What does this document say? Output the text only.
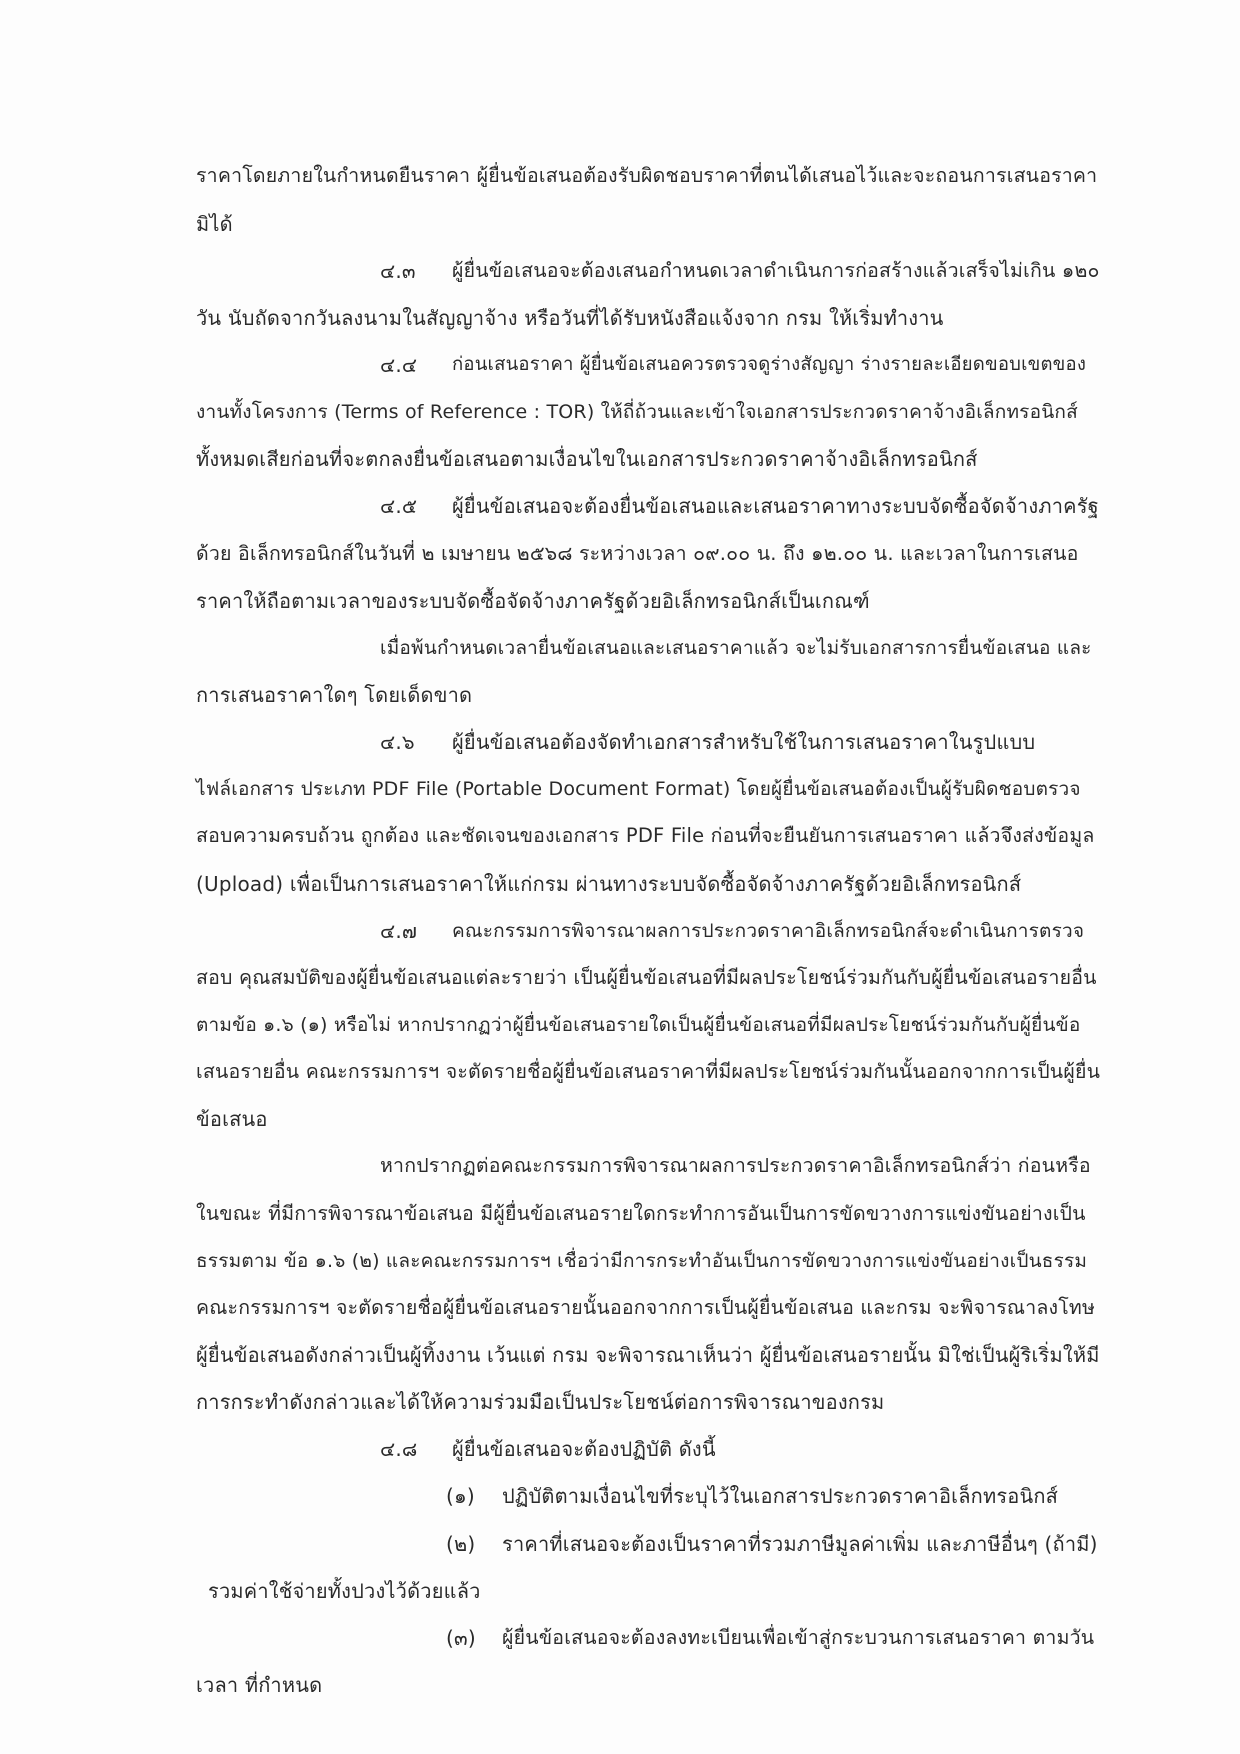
ราคาโดยภายในกำหนดยืนราคา ผู้ยื่นข้อเสนอต้องรับผิดชอบราคาที่ตนได้เสนอไว้และจะถอนการเสนอราคา
มิได้
๔.๓ ผู้ยื่นข้อเสนอจะต้องเสนอกำหนดเวลาดำเนินการก่อสร้างแล้วเสร็จไม่เกิน ๑๒๐
วัน นับถัดจากวันลงนามในสัญญาจ้าง หรือวันที่ได้รับหนังสือแจ้งจาก กรม ให้เริ่มทำงาน
๔.๔ ก่อนเสนอราคา ผู้ยื่นข้อเสนอควรตรวจดูร่างสัญญา ร่างรายละเอียดขอบเขตของ
งานทั้งโครงการ (Terms of Reference : TOR) ให้ถี่ถ้วนและเข้าใจเอกสารประกวดราคาจ้างอิเล็กทรอนิกส์
ทั้งหมดเสียก่อนที่จะตกลงยื่นข้อเสนอตามเงื่อนไขในเอกสารประกวดราคาจ้างอิเล็กทรอนิกส์
๔.๕ ผู้ยื่นข้อเสนอจะต้องยื่นข้อเสนอและเสนอราคาทางระบบจัดซื้อจัดจ้างภาครัฐ
ด้วย อิเล็กทรอนิกส์ในวันที่ ๒ เมษายน ๒๕๖๘ ระหว่างเวลา ๐๙.๐๐ น. ถึง ๑๒.๐๐ น. และเวลาในการเสนอ
ราคาให้ถือตามเวลาของระบบจัดซื้อจัดจ้างภาครัฐด้วยอิเล็กทรอนิกส์เป็นเกณฑ์
เมื่อพ้นกำหนดเวลายื่นข้อเสนอและเสนอราคาแล้ว จะไม่รับเอกสารการยื่นข้อเสนอ และ
การเสนอราคาใดๆ โดยเด็ดขาด
๔.๖ ผู้ยื่นข้อเสนอต้องจัดทำเอกสารสำหรับใช้ในการเสนอราคาในรูปแบบ
ไฟล์เอกสาร ประเภท PDF File (Portable Document Format) โดยผู้ยื่นข้อเสนอต้องเป็นผู้รับผิดชอบตรวจ
สอบความครบถ้วน ถูกต้อง และชัดเจนของเอกสาร PDF File ก่อนที่จะยืนยันการเสนอราคา แล้วจึงส่งข้อมูล
(Upload) เพื่อเป็นการเสนอราคาให้แก่กรม ผ่านทางระบบจัดซื้อจัดจ้างภาครัฐด้วยอิเล็กทรอนิกส์
๔.๗ คณะกรรมการพิจารณาผลการประกวดราคาอิเล็กทรอนิกส์จะดำเนินการตรวจ
สอบ คุณสมบัติของผู้ยื่นข้อเสนอแต่ละรายว่า เป็นผู้ยื่นข้อเสนอที่มีผลประโยชน์ร่วมกันกับผู้ยื่นข้อเสนอรายอื่น
ตามข้อ ๑.๖ (๑) หรือไม่ หากปรากฏว่าผู้ยื่นข้อเสนอรายใดเป็นผู้ยื่นข้อเสนอที่มีผลประโยชน์ร่วมกันกับผู้ยื่นข้อ
เสนอรายอื่น คณะกรรมการฯ จะตัดรายชื่อผู้ยื่นข้อเสนอราคาที่มีผลประโยชน์ร่วมกันนั้นออกจากการเป็นผู้ยื่น
ข้อเสนอ
หากปรากฏต่อคณะกรรมการพิจารณาผลการประกวดราคาอิเล็กทรอนิกส์ว่า ก่อนหรือ
ในขณะ ที่มีการพิจารณาข้อเสนอ มีผู้ยื่นข้อเสนอรายใดกระทำการอันเป็นการขัดขวางการแข่งขันอย่างเป็น
ธรรมตาม ข้อ ๑.๖ (๒) และคณะกรรมการฯ เชื่อว่ามีการกระทำอันเป็นการขัดขวางการแข่งขันอย่างเป็นธรรม
คณะกรรมการฯ จะตัดรายชื่อผู้ยื่นข้อเสนอรายนั้นออกจากการเป็นผู้ยื่นข้อเสนอ และกรม จะพิจารณาลงโทษ
ผู้ยื่นข้อเสนอดังกล่าวเป็นผู้ทิ้งงาน เว้นแต่ กรม จะพิจารณาเห็นว่า ผู้ยื่นข้อเสนอรายนั้น มิใช่เป็นผู้ริเริ่มให้มี
การกระทำดังกล่าวและได้ให้ความร่วมมือเป็นประโยชน์ต่อการพิจารณาของกรม
๔.๘ ผู้ยื่นข้อเสนอจะต้องปฏิบัติ ดังนี้
(๑) ปฏิบัติตามเงื่อนไขที่ระบุไว้ในเอกสารประกวดราคาอิเล็กทรอนิกส์
(๒) ราคาที่เสนอจะต้องเป็นราคาที่รวมภาษีมูลค่าเพิ่ม และภาษีอื่นๆ (ถ้ามี)
รวมค่าใช้จ่ายทั้งปวงไว้ด้วยแล้ว
(๓) ผู้ยื่นข้อเสนอจะต้องลงทะเบียนเพื่อเข้าสู่กระบวนการเสนอราคา ตามวัน
เวลา ที่กำหนด
